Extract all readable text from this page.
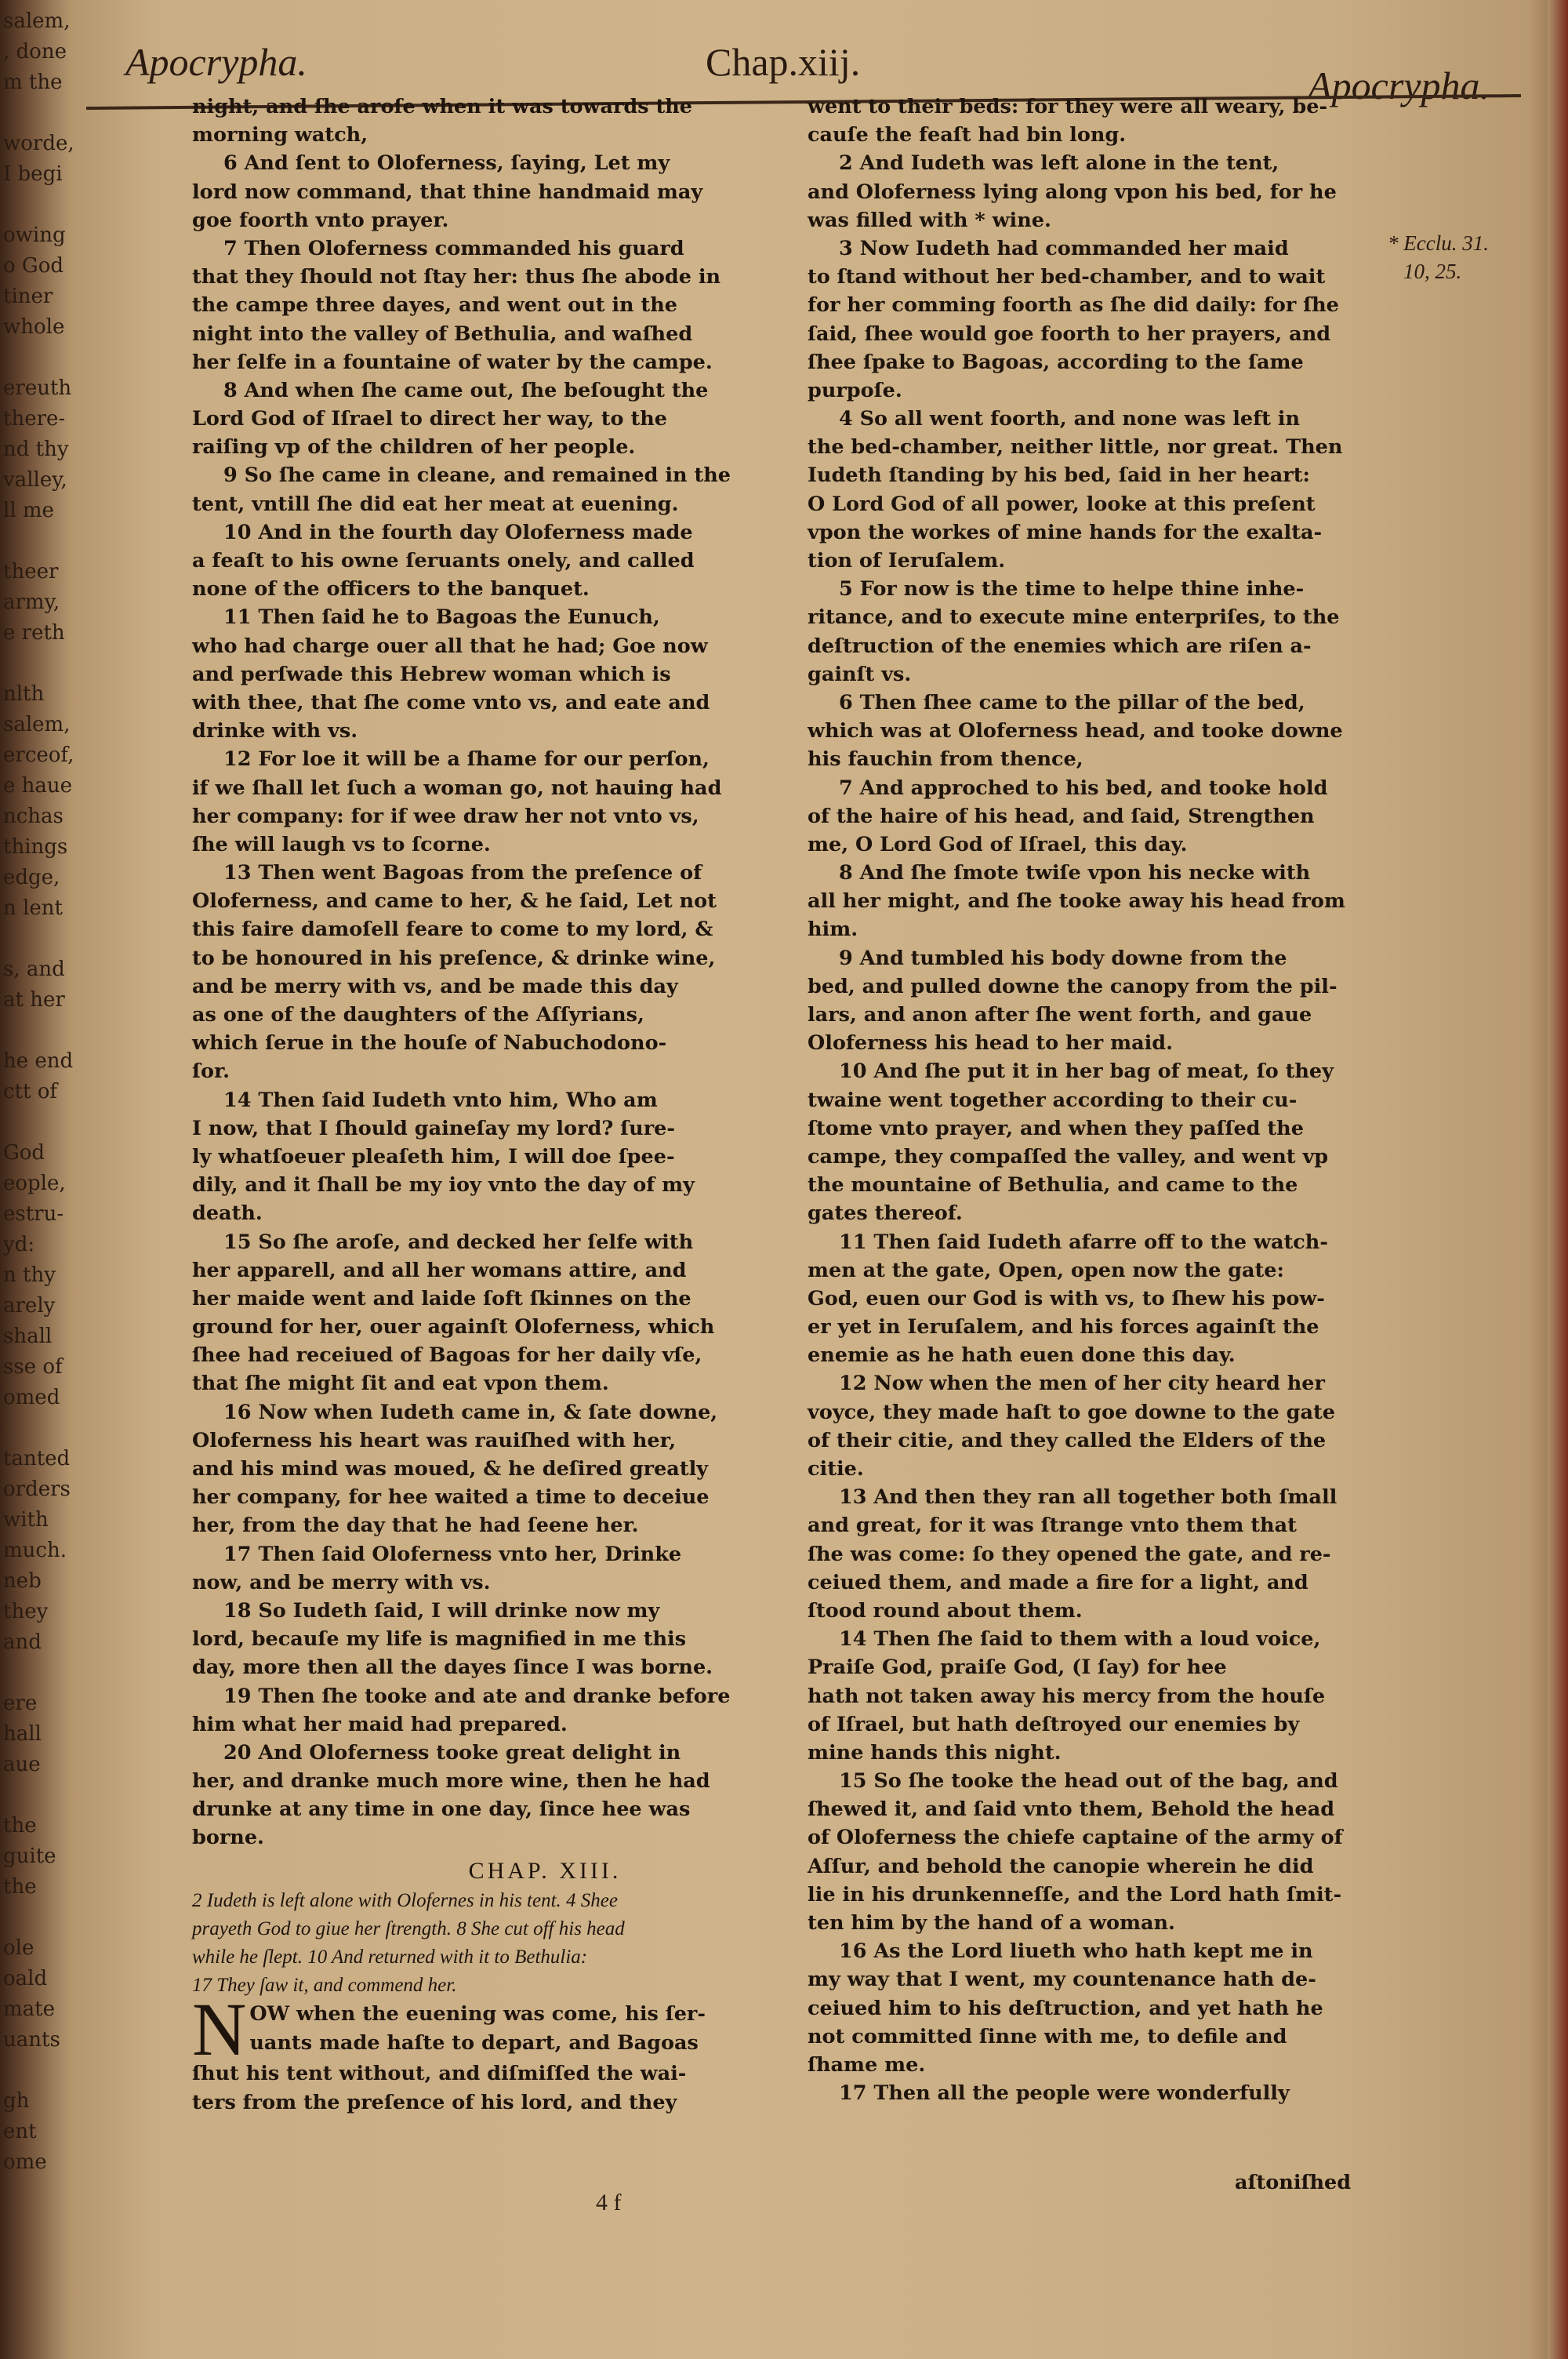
salem,
, done
m the
worde,
I begi
owing
o God
tiner
whole
ereuth
there-
nd thy
valley,
ll me
theer
army,
e reth
nlth
salem,
erceof,
e haue
nchas
things
edge,
n lent
s, and
at her
he end
ctt of
God
eople,
estru-
yd:
n thy
arely
shall
sse of
omed
tanted
orders
with
much.
neb
they
and
ere
hall
aue
the
guite
the
ole
oald
mate
uants
gh
ent
ome
Apocrypha.	Chap.xiij.
Apocrypha.
night, and ſhe aroſe when it was towards the
morning watch,
6 And ſent to Oloferness, ſaying, Let my
lord now command, that thine handmaid may
goe foorth vnto prayer.
7 Then Oloferness commanded his guard
that they ſhould not ſtay her: thus ſhe abode in
the campe three dayes, and went out in the
night into the valley of Bethulia, and waſhed
her ſelfe in a fountaine of water by the campe.
8 And when ſhe came out, ſhe beſought the
Lord God of Iſrael to direct her way, to the
raiſing vp of the children of her people.
9 So ſhe came in cleane, and remained in the
tent, vntill ſhe did eat her meat at euening.
10 And in the fourth day Oloferness made
a feaſt to his owne ſeruants onely, and called
none of the officers to the banquet.
11 Then ſaid he to Bagoas the Eunuch,
who had charge ouer all that he had; Goe now
and perſwade this Hebrew woman which is
with thee, that ſhe come vnto vs, and eate and
drinke with vs.
12 For loe it will be a ſhame for our perſon,
if we ſhall let ſuch a woman go, not hauing had
her company: for if wee draw her not vnto vs,
ſhe will laugh vs to ſcorne.
13 Then went Bagoas from the preſence of
Oloferness, and came to her, & he ſaid, Let not
this faire damoſell feare to come to my lord, &
to be honoured in his preſence, & drinke wine,
and be merry with vs, and be made this day
as one of the daughters of the Aſſyrians,
which ſerue in the houſe of Nabuchodono-
ſor.
14 Then ſaid Iudeth vnto him, Who am
I now, that I ſhould gaineſay my lord? ſure-
ly whatſoeuer pleaſeth him, I will doe ſpee-
dily, and it ſhall be my ioy vnto the day of my
death.
15 So ſhe aroſe, and decked her ſelfe with
her apparell, and all her womans attire, and
her maide went and laide ſoft ſkinnes on the
ground for her, ouer againſt Oloferness, which
ſhee had receiued of Bagoas for her daily vſe,
that ſhe might ſit and eat vpon them.
16 Now when Iudeth came in, & ſate downe,
Oloferness his heart was rauiſhed with her,
and his mind was moued, & he deſired greatly
her company, for hee waited a time to deceiue
her, from the day that he had ſeene her.
17 Then ſaid Oloferness vnto her, Drinke
now, and be merry with vs.
18 So Iudeth ſaid, I will drinke now my
lord, becauſe my life is magnified in me this
day, more then all the dayes ſince I was borne.
19 Then ſhe tooke and ate and dranke before
him what her maid had prepared.
20 And Oloferness tooke great delight in
her, and dranke much more wine, then he had
drunke at any time in one day, ſince hee was
borne.
CHAP. XIII.
2 Iudeth is left alone with Olofernes in his tent. 4 Shee
prayeth God to giue her ſtrength. 8 She cut off his head
while he ſlept. 10 And returned with it to Bethulia:
17 They ſaw it, and commend her.
N OW when the euening was come, his ſer-
uants made haſte to depart, and Bagoas
ſhut his tent without, and diſmiſſed the wai-
ters from the preſence of his lord, and they
went to their beds: for they were all weary, be-
cauſe the feaſt had bin long.
2 And Iudeth was left alone in the tent,
and Oloferness lying along vpon his bed, for he
was filled with * wine.
3 Now Iudeth had commanded her maid
to ſtand without her bed-chamber, and to wait
for her comming foorth as ſhe did daily: for ſhe
ſaid, ſhee would goe foorth to her prayers, and
ſhee ſpake to Bagoas, according to the ſame
purpoſe.
4 So all went foorth, and none was left in
the bed-chamber, neither little, nor great. Then
Iudeth ſtanding by his bed, ſaid in her heart:
O Lord God of all power, looke at this preſent
vpon the workes of mine hands for the exalta-
tion of Ieruſalem.
5 For now is the time to helpe thine inhe-
ritance, and to execute mine enterpriſes, to the
deſtruction of the enemies which are riſen a-
gainſt vs.
6 Then ſhee came to the pillar of the bed,
which was at Oloferness head, and tooke downe
his fauchin from thence,
7 And approched to his bed, and tooke hold
of the haire of his head, and ſaid, Strengthen
me, O Lord God of Iſrael, this day.
8 And ſhe ſmote twiſe vpon his necke with
all her might, and ſhe tooke away his head from
him.
9 And tumbled his body downe from the
bed, and pulled downe the canopy from the pil-
lars, and anon after ſhe went forth, and gaue
Oloferness his head to her maid.
10 And ſhe put it in her bag of meat, ſo they
twaine went together according to their cu-
ſtome vnto prayer, and when they paſſed the
campe, they compaſſed the valley, and went vp
the mountaine of Bethulia, and came to the
gates thereof.
11 Then ſaid Iudeth afarre off to the watch-
men at the gate, Open, open now the gate:
God, euen our God is with vs, to ſhew his pow-
er yet in Ieruſalem, and his forces againſt the
enemie as he hath euen done this day.
12 Now when the men of her city heard her
voyce, they made haſt to goe downe to the gate
of their citie, and they called the Elders of the
citie.
13 And then they ran all together both ſmall
and great, for it was ſtrange vnto them that
ſhe was come: ſo they opened the gate, and re-
ceiued them, and made a fire for a light, and
ſtood round about them.
14 Then ſhe ſaid to them with a loud voice,
Praiſe God, praiſe God, (I ſay) for hee
hath not taken away his mercy from the houſe
of Iſrael, but hath deſtroyed our enemies by
mine hands this night.
15 So ſhe tooke the head out of the bag, and
ſhewed it, and ſaid vnto them, Behold the head
of Oloferness the chiefe captaine of the army of
Aſſur, and behold the canopie wherein he did
lie in his drunkenneſſe, and the Lord hath ſmit-
ten him by the hand of a woman.
16 As the Lord liueth who hath kept me in
my way that I went, my countenance hath de-
ceiued him to his deſtruction, and yet hath he
not committed ſinne with me, to defile and
ſhame me.
17 Then all the people were wonderfully
* Ecclu. 31.
10, 25.
4 f
aſtoniſhed
